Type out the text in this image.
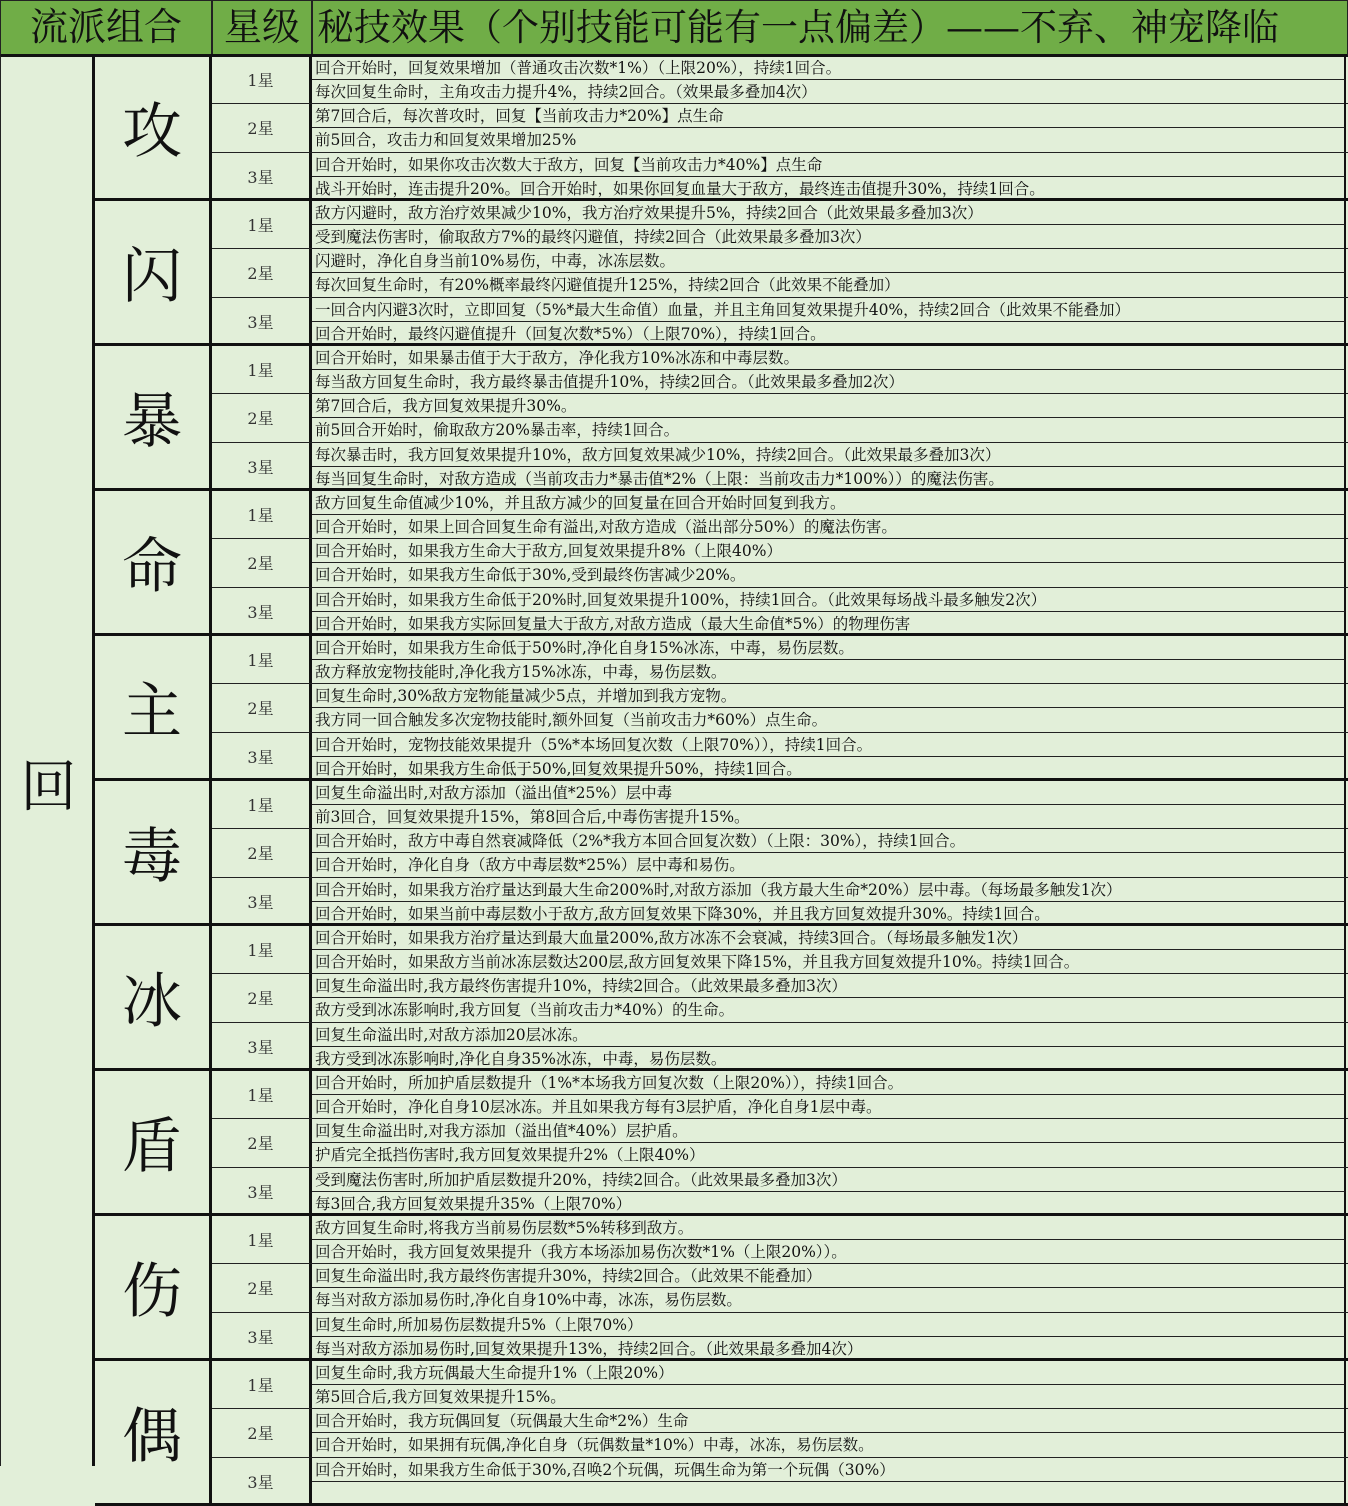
流派组合	星级 秘技效果（个别技能可能有一点偏差）——不弃、神宠降临
回
攻
1星
回合开始时，回复效果增加（普通攻击次数*1%）（上限20%），持续1回合。
每次回复生命时，主角攻击力提升4%，持续2回合。（效果最多叠加4次）
2星
第7回合后，每次普攻时，回复【当前攻击力*20%】点生命
前5回合，攻击力和回复效果增加25%
3星
回合开始时，如果你攻击次数大于敌方，回复【当前攻击力*40%】点生命
战斗开始时，连击提升20%。回合开始时，如果你回复血量大于敌方，最终连击值提升30%，持续1回合。
闪
1星
敌方闪避时，敌方治疗效果减少10%，我方治疗效果提升5%，持续2回合（此效果最多叠加3次）
受到魔法伤害时，偷取敌方7%的最终闪避值，持续2回合（此效果最多叠加3次）
2星
闪避时，净化自身当前10%易伤，中毒，冰冻层数。
每次回复生命时，有20%概率最终闪避值提升125%，持续2回合（此效果不能叠加）
3星
一回合内闪避3次时，立即回复（5%*最大生命值）血量，并且主角回复效果提升40%，持续2回合（此效果不能叠加）
回合开始时，最终闪避值提升（回复次数*5%）（上限70%），持续1回合。
暴
1星
回合开始时，如果暴击值于大于敌方，净化我方10%冰冻和中毒层数。
每当敌方回复生命时，我方最终暴击值提升10%，持续2回合。（此效果最多叠加2次）
2星
第7回合后，我方回复效果提升30%。
前5回合开始时，偷取敌方20%暴击率，持续1回合。
3星
每次暴击时，我方回复效果提升10%，敌方回复效果减少10%，持续2回合。（此效果最多叠加3次）
每当回复生命时，对敌方造成（当前攻击力*暴击值*2%（上限：当前攻击力*100%））的魔法伤害。
命
1星
敌方回复生命值减少10%，并且敌方减少的回复量在回合开始时回复到我方。
回合开始时，如果上回合回复生命有溢出,对敌方造成（溢出部分50%）的魔法伤害。
2星
回合开始时，如果我方生命大于敌方,回复效果提升8%（上限40%）
回合开始时，如果我方生命低于30%,受到最终伤害减少20%。
3星
回合开始时，如果我方生命低于20%时,回复效果提升100%，持续1回合。（此效果每场战斗最多触发2次）
回合开始时，如果我方实际回复量大于敌方,对敌方造成（最大生命值*5%）的物理伤害
主
1星
回合开始时，如果我方生命低于50%时,净化自身15%冰冻，中毒，易伤层数。
敌方释放宠物技能时,净化我方15%冰冻，中毒，易伤层数。
2星
回复生命时,30%敌方宠物能量减少5点，并增加到我方宠物。
我方同一回合触发多次宠物技能时,额外回复（当前攻击力*60%）点生命。
3星
回合开始时，宠物技能效果提升（5%*本场回复次数（上限70%）），持续1回合。
回合开始时，如果我方生命低于50%,回复效果提升50%，持续1回合。
毒
1星
回复生命溢出时,对敌方添加（溢出值*25%）层中毒
前3回合，回复效果提升15%，第8回合后,中毒伤害提升15%。
2星
回合开始时，敌方中毒自然衰减降低（2%*我方本回合回复次数）（上限：30%），持续1回合。
回合开始时，净化自身（敌方中毒层数*25%）层中毒和易伤。
3星
回合开始时，如果我方治疗量达到最大生命200%时,对敌方添加（我方最大生命*20%）层中毒。（每场最多触发1次）
回合开始时，如果当前中毒层数小于敌方,敌方回复效果下降30%，并且我方回复效提升30%。持续1回合。
冰
1星
回合开始时，如果我方治疗量达到最大血量200%,敌方冰冻不会衰减，持续3回合。（每场最多触发1次）
回合开始时，如果敌方当前冰冻层数达200层,敌方回复效果下降15%，并且我方回复效提升10%。持续1回合。
2星
回复生命溢出时,我方最终伤害提升10%，持续2回合。（此效果最多叠加3次）
敌方受到冰冻影响时,我方回复（当前攻击力*40%）的生命。
3星
回复生命溢出时,对敌方添加20层冰冻。
我方受到冰冻影响时,净化自身35%冰冻，中毒，易伤层数。
盾
1星
回合开始时，所加护盾层数提升（1%*本场我方回复次数（上限20%）），持续1回合。
回合开始时，净化自身10层冰冻。并且如果我方每有3层护盾，净化自身1层中毒。
2星
回复生命溢出时,对我方添加（溢出值*40%）层护盾。
护盾完全抵挡伤害时,我方回复效果提升2%（上限40%）
3星
受到魔法伤害时,所加护盾层数提升20%，持续2回合。（此效果最多叠加3次）
每3回合,我方回复效果提升35%（上限70%）
伤
1星
敌方回复生命时,将我方当前易伤层数*5%转移到敌方。
回合开始时，我方回复效果提升（我方本场添加易伤次数*1%（上限20%））。
2星
回复生命溢出时,我方最终伤害提升30%，持续2回合。（此效果不能叠加）
每当对敌方添加易伤时,净化自身10%中毒，冰冻，易伤层数。
3星
回复生命时,所加易伤层数提升5%（上限70%）
每当对敌方添加易伤时,回复效果提升13%，持续2回合。（此效果最多叠加4次）
偶
1星
回复生命时,我方玩偶最大生命提升1%（上限20%）
第5回合后,我方回复效果提升15%。
2星
回合开始时，我方玩偶回复（玩偶最大生命*2%）生命
回合开始时，如果拥有玩偶,净化自身（玩偶数量*10%）中毒，冰冻，易伤层数。
3星
回合开始时，如果我方生命低于30%,召唤2个玩偶，玩偶生命为第一个玩偶（30%）
